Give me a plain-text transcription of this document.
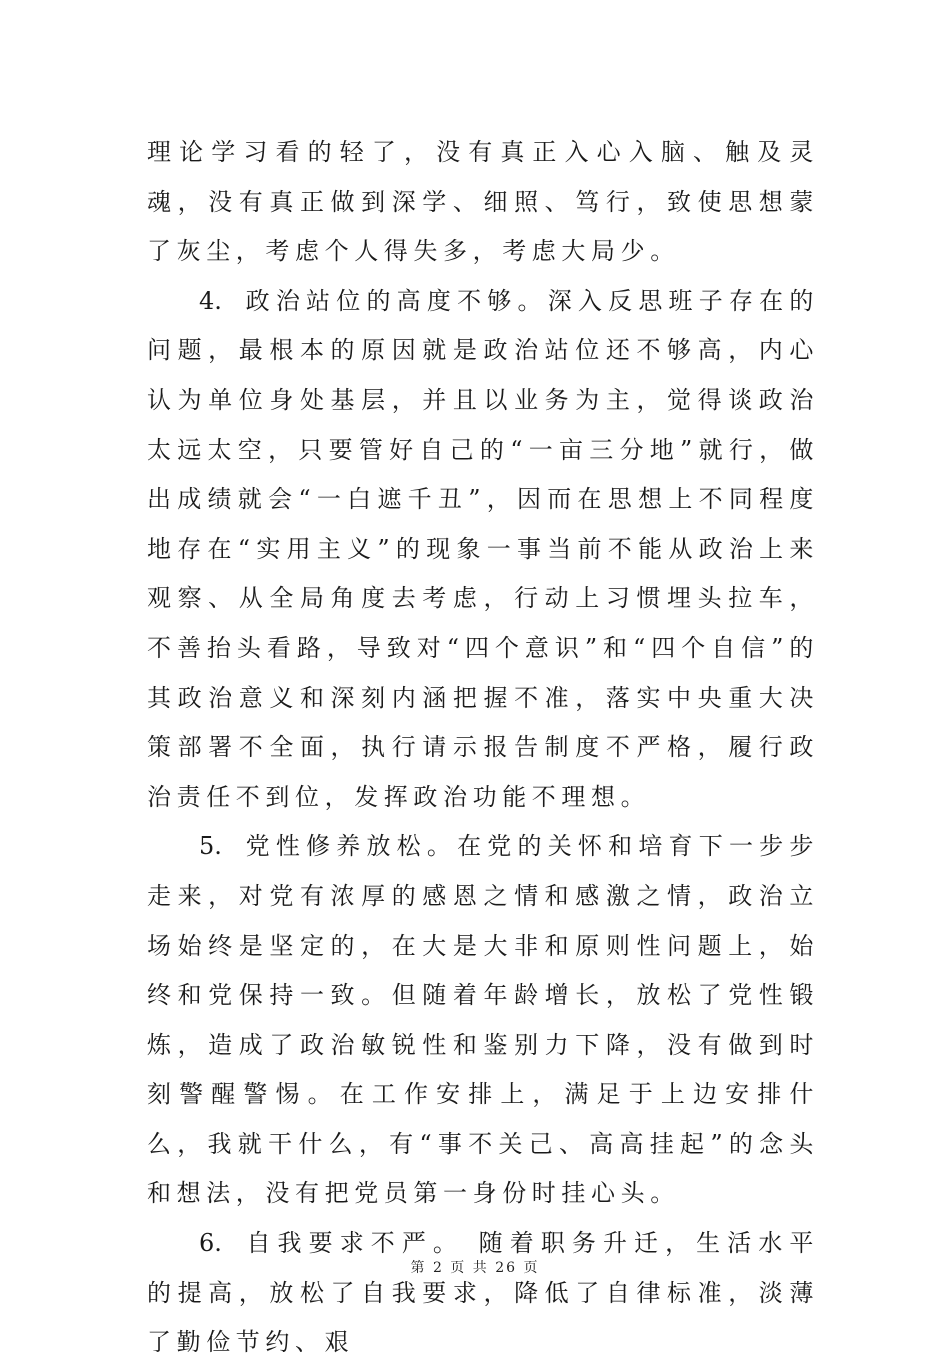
理论学习看的轻了，没有真正入心入脑、触及灵魂，没有真正做到深学、细照、笃行，致使思想蒙了灰尘，考虑个人得失多，考虑大局少。

4. 政治站位的高度不够。深入反思班子存在的问题，最根本的原因就是政治站位还不够高，内心认为单位身处基层，并且以业务为主，觉得谈政治太远太空，只要管好自己的“一亩三分地”就行，做出成绩就会“一白遮千丑”，因而在思想上不同程度地存在“实用主义”的现象一事当前不能从政治上来观察、从全局角度去考虑，行动上习惯埋头拉车，不善抬头看路，导致对“四个意识”和“四个自信”的其政治意义和深刻内涵把握不准，落实中央重大决策部署不全面，执行请示报告制度不严格，履行政治责任不到位，发挥政治功能不理想。

5. 党性修养放松。在党的关怀和培育下一步步走来，对党有浓厚的感恩之情和感激之情，政治立场始终是坚定的，在大是大非和原则性问题上，始终和党保持一致。但随着年龄增长，放松了党性锻炼，造成了政治敏锐性和鉴别力下降，没有做到时刻警醒警惕。在工作安排上，满足于上边安排什么，我就干什么，有“事不关己、高高挂起”的念头和想法，没有把党员第一身份时挂心头。

6. 自我要求不严。 随着职务升迁，生活水平的提高，放松了自我要求，降低了自律标准，淡薄了勤俭节约、艰

第 2 页 共 26 页
